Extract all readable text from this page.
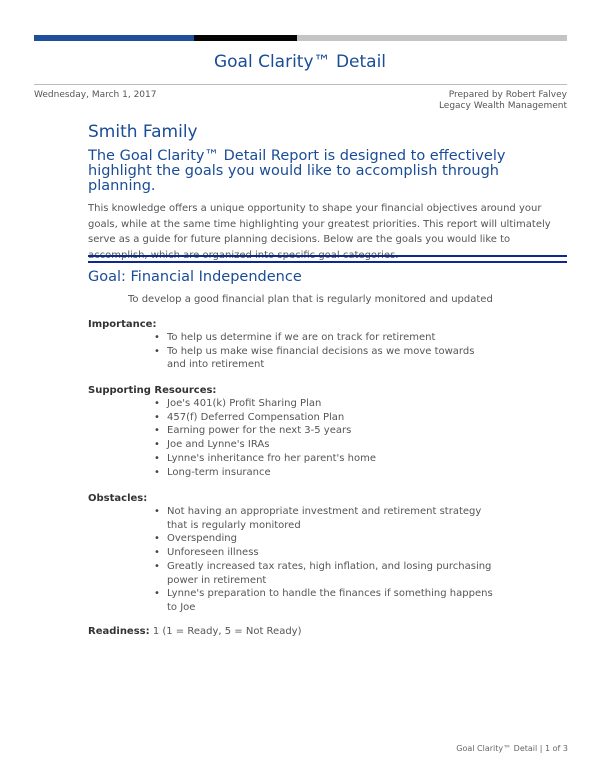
Goal Clarity™ Detail
Wednesday, March 1, 2017	Prepared by Robert Falvey
Legacy Wealth Management
Smith Family
The Goal Clarity™ Detail Report is designed to effectively highlight the goals you would like to accomplish through planning.
This knowledge offers a unique opportunity to shape your financial objectives around your goals, while at the same time highlighting your greatest priorities. This report will ultimately serve as a guide for future planning decisions. Below are the goals you would like to
Goal: Financial Independence
To develop a good financial plan that is regularly monitored and updated
Importance:
• To help us determine if we are on track for retirement
• To help us make wise financial decisions as we move towards and into retirement
Supporting Resources:
• Joe's 401(k) Profit Sharing Plan
• 457(f) Deferred Compensation Plan
• Earning power for the next 3-5 years
• Joe and Lynne's IRAs
• Lynne's inheritance fro her parent's home
• Long-term insurance
Obstacles:
• Not having an appropriate investment and retirement strategy that is regularly monitored
• Overspending
• Unforeseen illness
• Greatly increased tax rates, high inflation, and losing purchasing power in retirement
• Lynne's preparation to handle the finances if something happens to Joe
Readiness: 1 (1 = Ready, 5 = Not Ready)
Goal Clarity™ Detail | 1 of 3
